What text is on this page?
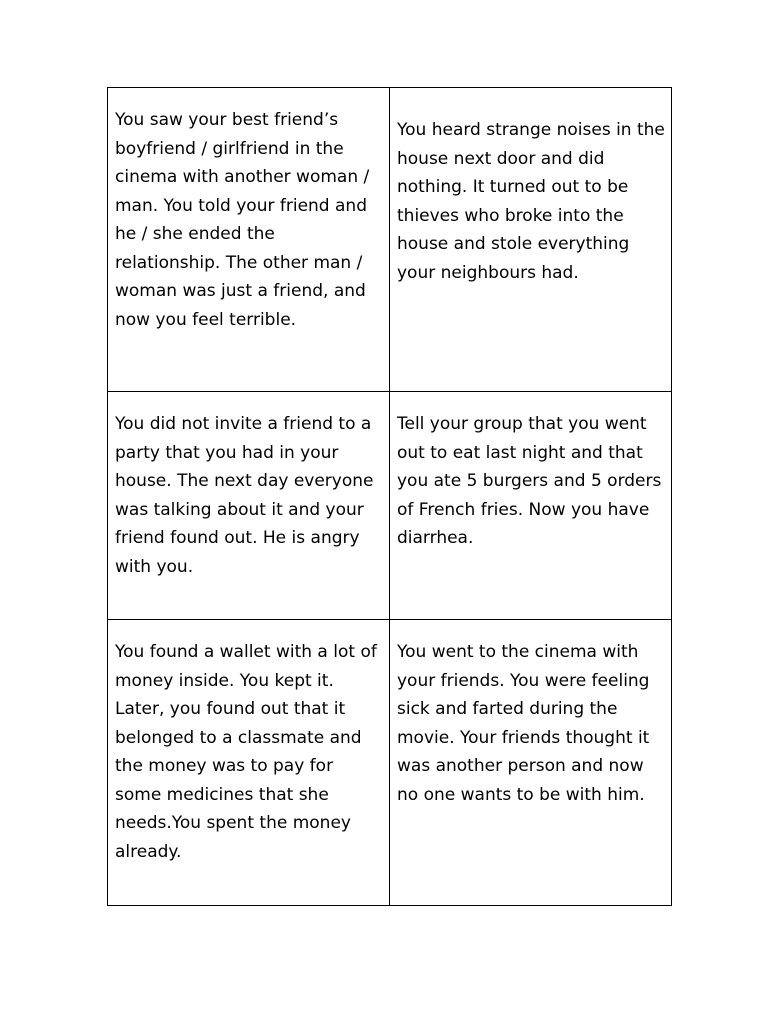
You saw your best friend’s boyfriend / girlfriend in the cinema with another woman / man. You told your friend and he / she ended the relationship. The other man / woman was just a friend, and now you feel terrible.	You heard strange noises in the house next door and did nothing. It turned out to be thieves who broke into the house and stole everything your neighbours had.
You did not invite a friend to a party that you had in your house. The next day everyone was talking about it and your friend found out. He is angry with you.	Tell your group that you went out to eat last night and that you ate 5 burgers and 5 orders of French fries. Now you have diarrhea.
You found a wallet with a lot of money inside. You kept it. Later, you found out that it belonged to a classmate and the money was to pay for some medicines that she needs.You spent the money already.	You went to the cinema with your friends. You were feeling sick and farted during the movie. Your friends thought it was another person and now no one wants to be with him.
